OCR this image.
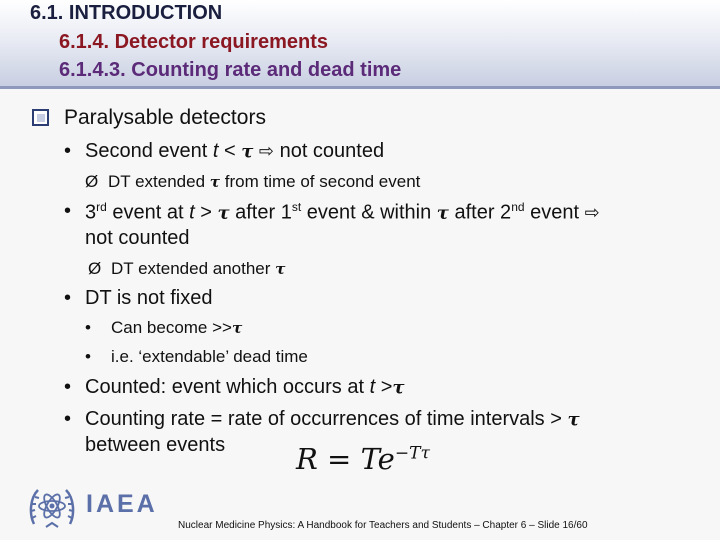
6.1. INTRODUCTION
6.1.4. Detector requirements
6.1.4.3. Counting rate and dead time
Paralysable detectors
• Second event t < τ ⇨ not counted
Ø DT extended τ from time of second event
• 3rd event at t > τ after 1st event & within τ after 2nd event ⇨
not counted
Ø DT extended another τ
• DT is not fixed
• Can become >>τ
• i.e. ‘extendable’ dead time
• Counted: event which occurs at t >τ
• Counting rate = rate of occurrences of time intervals > τ
between events $R = Te^{-T\tau}$
IAEA
Nuclear Medicine Physics: A Handbook for Teachers and Students – Chapter 6 – Slide 16/60
